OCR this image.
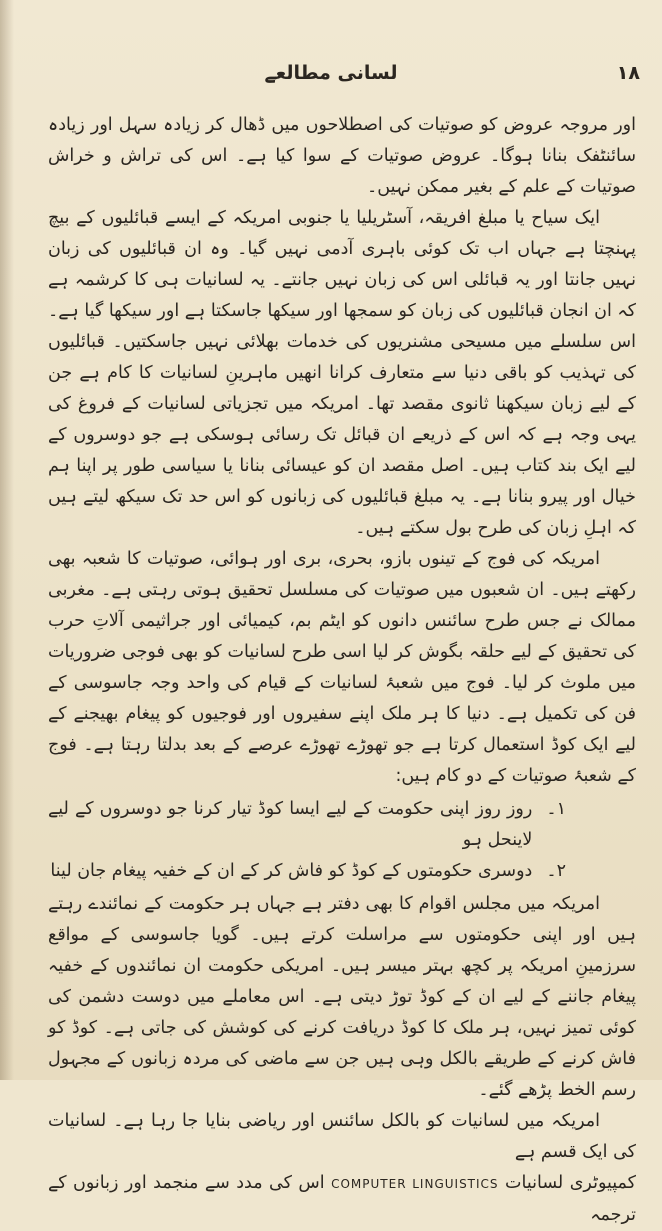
۱۸
لسانی مطالعے

اور مروجہ عروض کو صوتیات کی اصطلاحوں میں ڈھال کر زیادہ سہل اور زیادہ سائنٹفک بنانا ہوگا۔ عروض صوتیات کے سوا کیا ہے۔ اس کی تراش و خراش صوتیات کے علم کے بغیر ممکن نہیں۔

ایک سیاح یا مبلغ افریقہ، آسٹریلیا یا جنوبی امریکہ کے ایسے قبائلیوں کے بیچ پہنچتا ہے جہاں اب تک کوئی باہری آدمی نہیں گیا۔ وہ ان قبائلیوں کی زبان نہیں جانتا اور یہ قبائلی اس کی زبان نہیں جانتے۔ یہ لسانیات ہی کا کرشمہ ہے کہ ان انجان قبائلیوں کی زبان کو سمجھا اور سیکھا جاسکتا ہے اور سیکھا گیا ہے۔ اس سلسلے میں مسیحی مشنریوں کی خدمات بھلائی نہیں جاسکتیں۔ قبائلیوں کی تہذیب کو باقی دنیا سے متعارف کرانا انھیں ماہرینِ لسانیات کا کام ہے جن کے لیے زبان سیکھنا ثانوی مقصد تھا۔ امریکہ میں تجزیاتی لسانیات کے فروغ کی یہی وجہ ہے کہ اس کے ذریعے ان قبائل تک رسائی ہوسکی ہے جو دوسروں کے لیے ایک بند کتاب ہیں۔ اصل مقصد ان کو عیسائی بنانا یا سیاسی طور پر اپنا ہم خیال اور پیرو بنانا ہے۔ یہ مبلغ قبائلیوں کی زبانوں کو اس حد تک سیکھ لیتے ہیں کہ اہلِ زبان کی طرح بول سکتے ہیں۔

امریکہ کی فوج کے تینوں بازو، بحری، بری اور ہوائی، صوتیات کا شعبہ بھی رکھتے ہیں۔ ان شعبوں میں صوتیات کی مسلسل تحقیق ہوتی رہتی ہے۔ مغربی ممالک نے جس طرح سائنس دانوں کو ایٹم بم، کیمیائی اور جراثیمی آلاتِ حرب کی تحقیق کے لیے حلقہ بگوش کر لیا اسی طرح لسانیات کو بھی فوجی ضروریات میں ملوث کر لیا۔ فوج میں شعبۂ لسانیات کے قیام کی واحد وجہ جاسوسی کے فن کی تکمیل ہے۔ دنیا کا ہر ملک اپنے سفیروں اور فوجیوں کو پیغام بھیجنے کے لیے ایک کوڈ استعمال کرتا ہے جو تھوڑے تھوڑے عرصے کے بعد بدلتا رہتا ہے۔ فوج کے شعبۂ صوتیات کے دو کام ہیں:

۱۔
روز روز اپنی حکومت کے لیے ایسا کوڈ تیار کرنا جو دوسروں کے لیے لاینحل ہو
۲۔
دوسری حکومتوں کے کوڈ کو فاش کر کے ان کے خفیہ پیغام جان لینا

امریکہ میں مجلس اقوام کا بھی دفتر ہے جہاں ہر حکومت کے نمائندے رہتے ہیں اور اپنی حکومتوں سے مراسلت کرتے ہیں۔ گویا جاسوسی کے مواقع سرزمینِ امریکہ پر کچھ بہتر میسر ہیں۔ امریکی حکومت ان نمائندوں کے خفیہ پیغام جاننے کے لیے ان کے کوڈ توڑ دیتی ہے۔ اس معاملے میں دوست دشمن کی کوئی تمیز نہیں، ہر ملک کا کوڈ دریافت کرنے کی کوشش کی جاتی ہے۔ کوڈ کو فاش کرنے کے طریقے بالکل وہی ہیں جن سے ماضی کی مردہ زبانوں کے مجہول رسم الخط پڑھے گئے۔

امریکہ میں لسانیات کو بالکل سائنس اور ریاضی بنایا جا رہا ہے۔ لسانیات کی ایک قسم ہے

کمپیوٹری لسانیات COMPUTER LINGUISTICS اس کی مدد سے منجمد اور زبانوں کے ترجمہ
